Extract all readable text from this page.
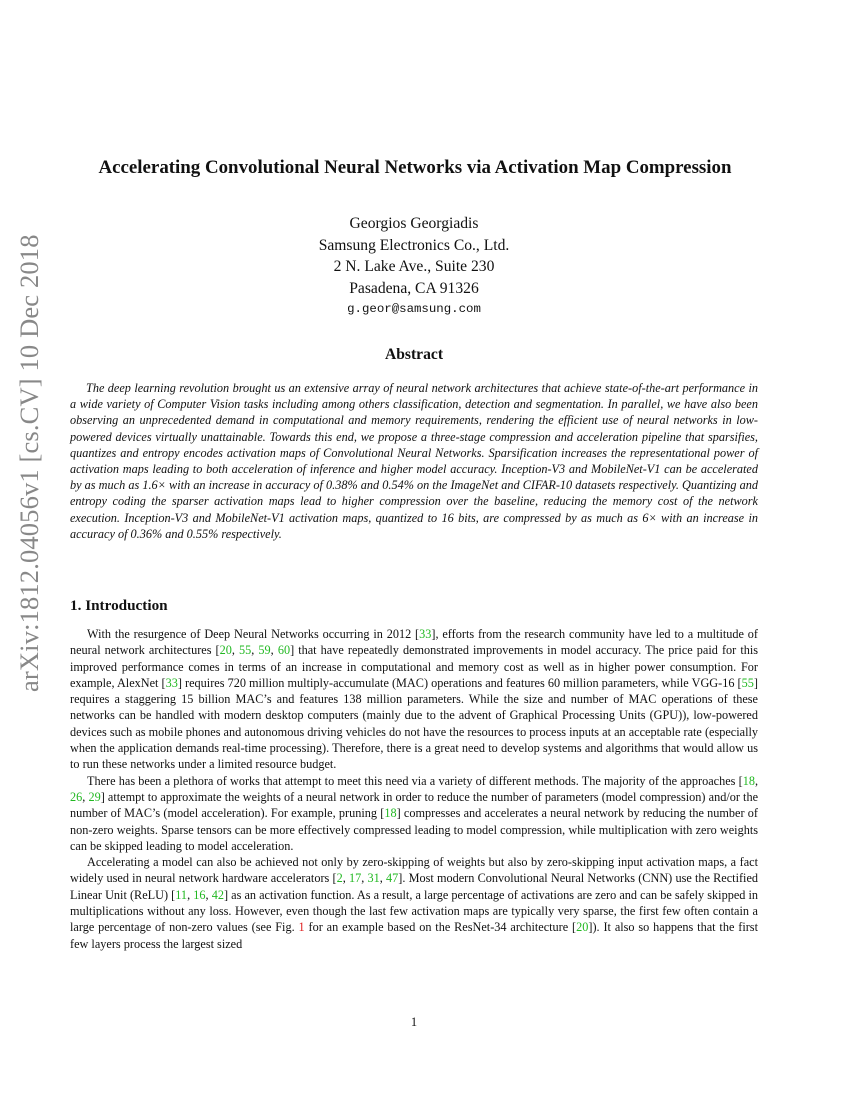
arXiv:1812.04056v1 [cs.CV] 10 Dec 2018
Accelerating Convolutional Neural Networks via Activation Map Compression
Georgios Georgiadis
Samsung Electronics Co., Ltd.
2 N. Lake Ave., Suite 230
Pasadena, CA 91326
g.geor@samsung.com
Abstract
The deep learning revolution brought us an extensive array of neural network architectures that achieve state-of-the-art performance in a wide variety of Computer Vision tasks including among others classification, detection and segmentation. In parallel, we have also been observing an unprecedented demand in computational and memory requirements, rendering the efficient use of neural networks in low-powered devices virtually unattainable. Towards this end, we propose a three-stage compression and acceleration pipeline that sparsifies, quantizes and entropy encodes activation maps of Convolutional Neural Networks. Sparsification increases the representational power of activation maps leading to both acceleration of inference and higher model accuracy. Inception-V3 and MobileNet-V1 can be accelerated by as much as 1.6× with an increase in accuracy of 0.38% and 0.54% on the ImageNet and CIFAR-10 datasets respectively. Quantizing and entropy coding the sparser activation maps lead to higher compression over the baseline, reducing the memory cost of the network execution. Inception-V3 and MobileNet-V1 activation maps, quantized to 16 bits, are compressed by as much as 6× with an increase in accuracy of 0.36% and 0.55% respectively.
1. Introduction

With the resurgence of Deep Neural Networks occurring in 2012 [33], efforts from the research community have led to a multitude of neural network architectures [20, 55, 59, 60] that have repeatedly demonstrated improvements in model accuracy. The price paid for this improved performance comes in terms of an increase in computational and memory cost as well as in higher power consumption. For example, AlexNet [33] requires 720 million multiply-accumulate (MAC) operations and features 60 million parameters, while VGG-16 [55] requires a staggering 15 billion MAC’s and features 138 million parameters. While the size and number of MAC operations of these networks can be handled with modern desktop computers (mainly due to the advent of Graphical Processing Units (GPU)), low-powered devices such as mobile phones and autonomous driving vehicles do not have the resources to process inputs at an acceptable rate (especially when the application demands real-time processing). Therefore, there is a great need to develop systems and algorithms that would allow us to run these networks under a limited resource budget.

There has been a plethora of works that attempt to meet this need via a variety of different methods. The majority of the approaches [18, 26, 29] attempt to approximate the weights of a neural network in order to reduce the number of parameters (model compression) and/or the number of MAC’s (model acceleration). For example, pruning [18] compresses and accelerates a neural network by reducing the number of non-zero weights. Sparse tensors can be more effectively compressed leading to model compression, while multiplication with zero weights can be skipped leading to model acceleration.

Accelerating a model can also be achieved not only by zero-skipping of weights but also by zero-skipping input activation maps, a fact widely used in neural network hardware accelerators [2, 17, 31, 47]. Most modern Convolutional Neural Networks (CNN) use the Rectified Linear Unit (ReLU) [11, 16, 42] as an activation function. As a result, a large percentage of activations are zero and can be safely skipped in multiplications without any loss. However, even though the last few activation maps are typically very sparse, the first few often contain a large percentage of non-zero values (see Fig. 1 for an example based on the ResNet-34 architecture [20]). It also so happens that the first few layers process the largest sized

1
